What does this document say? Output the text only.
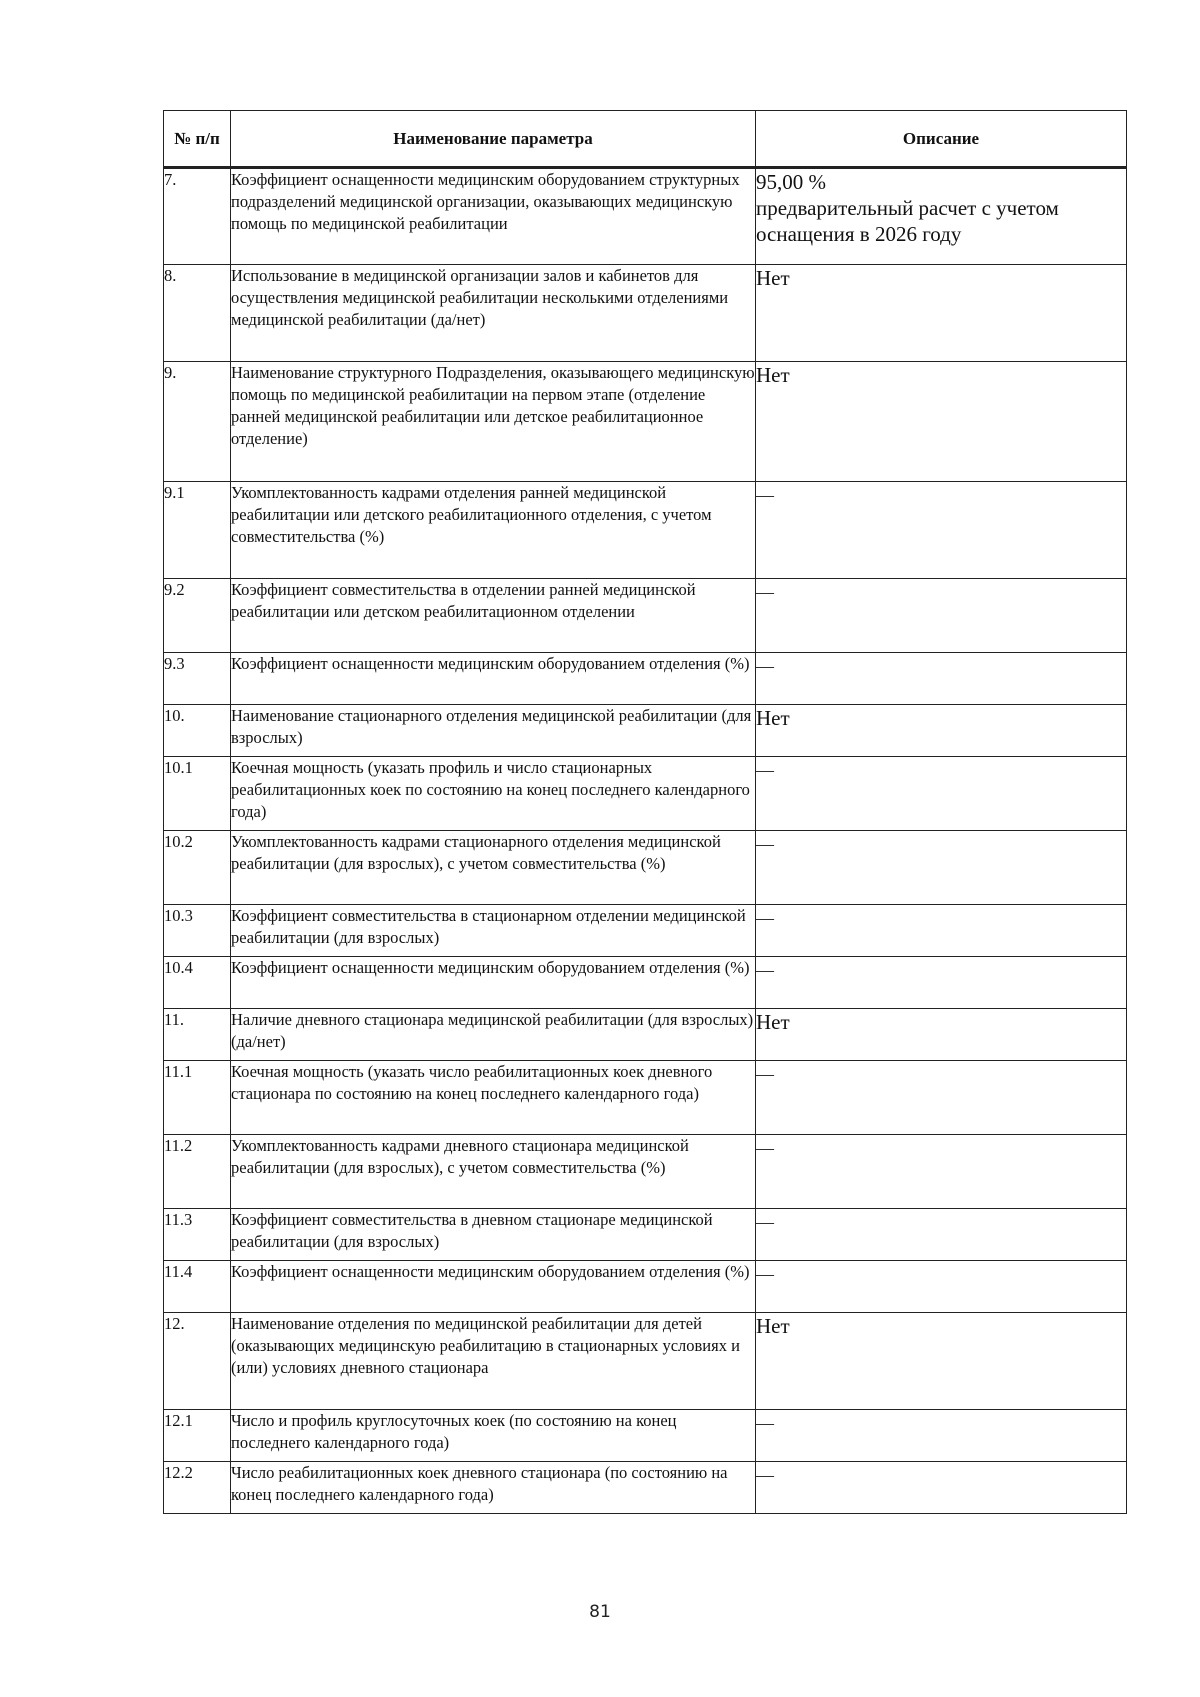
№ п/п	Наименование параметра	Описание
7.	Коэффициент оснащенности медицинским оборудованием структурных подразделений медицинской организации, оказывающих медицинскую помощь по медицинской реабилитации	95,00 %
предварительный расчет с учетом оснащения в 2026 году

8.	Использование в медицинской организации залов и кабинетов для осуществления медицинской реабилитации несколькими отделениями медицинской реабилитации (да/нет)	Нет

9.	Наименование структурного Подразделения, оказывающего медицинскую помощь по медицинской реабилитации на первом этапе (отделение ранней медицинской реабилитации или детское реабилитационное отделение)	Нет

9.1	Укомплектованность кадрами отделения ранней медицинской реабилитации или детского реабилитационного отделения, с учетом совместительства (%)	—

9.2	Коэффициент совместительства в отделении ранней медицинской реабилитации или детском реабилитационном отделении	—

9.3	Коэффициент оснащенности медицинским оборудованием отделения (%)	—

10.	Наименование стационарного отделения медицинской реабилитации (для взрослых)	Нет

10.1	Коечная мощность (указать профиль и число стационарных реабилитационных коек по состоянию на конец последнего календарного года)	—

10.2	Укомплектованность кадрами стационарного отделения медицинской реабилитации (для взрослых), с учетом совместительства (%)	—

10.3	Коэффициент совместительства в стационарном отделении медицинской реабилитации (для взрослых)	—

10.4	Коэффициент оснащенности медицинским оборудованием отделения (%)	—

11.	Наличие дневного стационара медицинской реабилитации (для взрослых) (да/нет)	Нет

11.1	Коечная мощность (указать число реабилитационных коек дневного стационара по состоянию на конец последнего календарного года)	—

11.2	Укомплектованность кадрами дневного стационара медицинской реабилитации (для взрослых), с учетом совместительства (%)	—

11.3	Коэффициент совместительства в дневном стационаре медицинской реабилитации (для взрослых)	—

11.4	Коэффициент оснащенности медицинским оборудованием отделения (%)	—

12.	Наименование отделения по медицинской реабилитации для детей (оказывающих медицинскую реабилитацию в стационарных условиях и (или) условиях дневного стационара	Нет

12.1	Число и профиль круглосуточных коек (по состоянию на конец последнего календарного года)	—

12.2	Число реабилитационных коек дневного стационара (по состоянию на конец последнего календарного года)	—
81
